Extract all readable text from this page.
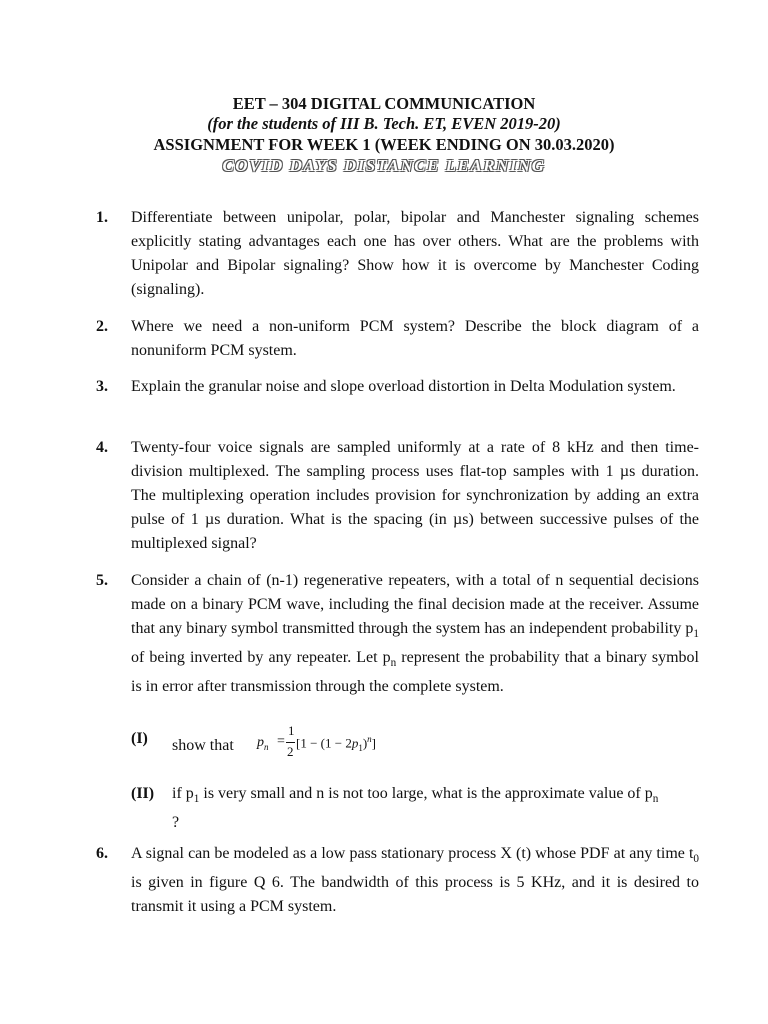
EET – 304 DIGITAL COMMUNICATION
(for the students of III B. Tech. ET, EVEN 2019-20)
ASSIGNMENT FOR WEEK 1 (WEEK ENDING ON 30.03.2020)
COVID DAYS DISTANCE LEARNING
1. Differentiate between unipolar, polar, bipolar and Manchester signaling schemes explicitly stating advantages each one has over others. What are the problems with Unipolar and Bipolar signaling? Show how it is overcome by Manchester Coding (signaling).

2. Where we need a non-uniform PCM system? Describe the block diagram of a nonuniform PCM system.

3. Explain the granular noise and slope overload distortion in Delta Modulation system.

4. Twenty-four voice signals are sampled uniformly at a rate of 8 kHz and then time-division multiplexed. The sampling process uses flat-top samples with 1 µs duration. The multiplexing operation includes provision for synchronization by adding an extra pulse of 1 µs duration. What is the spacing (in µs) between successive pulses of the multiplexed signal?

5. Consider a chain of (n-1) regenerative repeaters, with a total of n sequential decisions made on a binary PCM wave, including the final decision made at the receiver. Assume that any binary symbol transmitted through the system has an independent probability $p_1$ of being inverted by any repeater. Let $p_n$ represent the probability that a binary symbol is in error after transmission through the complete system.

(I) show that $p_n$ =
1
2
$[1 - (1 - 2p_1)^n]$
(II) if $p_1$ is very small and n is not too large, what is the approximate value of $p_n$
?
6. A signal can be modeled as a low pass stationary process X (t) whose PDF at any time $t_0$ is given in figure Q 6. The bandwidth of this process is 5 KHz, and it is desired to transmit it using a PCM system.
